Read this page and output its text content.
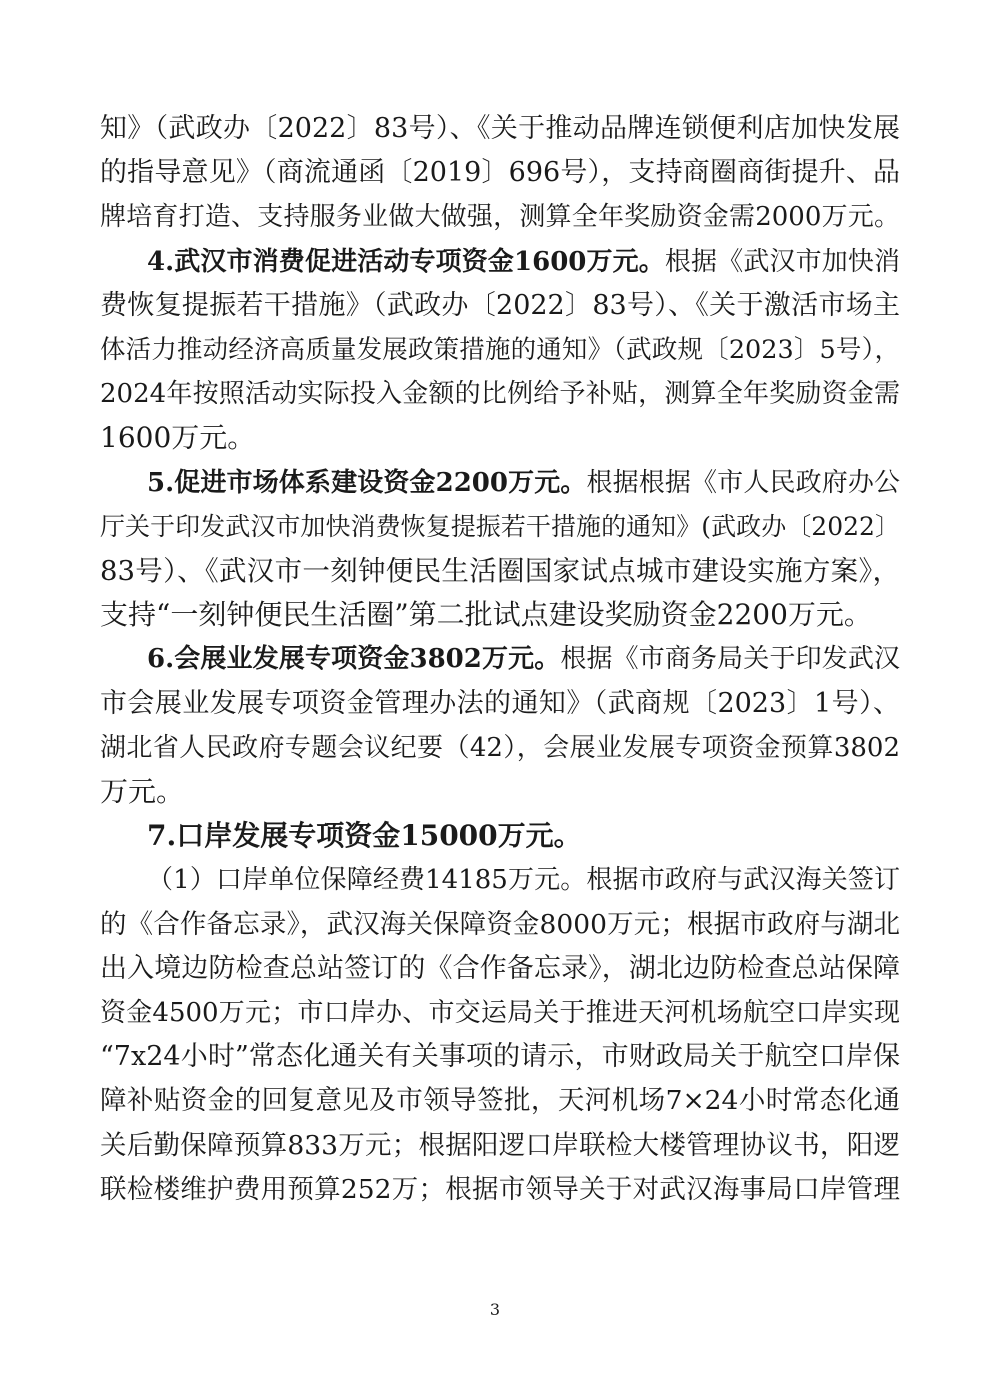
知》（武政办〔2022〕83号）、《关于推动品牌连锁便利店加快发展
的指导意见》（商流通函〔2019〕696号），支持商圈商街提升、品
牌培育打造、支持服务业做大做强，测算全年奖励资金需2000万元。
4.武汉市消费促进活动专项资金1600万元。根据《武汉市加快消
费恢复提振若干措施》（武政办〔2022〕83号）、《关于激活市场主
体活力推动经济高质量发展政策措施的通知》（武政规〔2023〕5号），
2024年按照活动实际投入金额的比例给予补贴，测算全年奖励资金需
1600万元。
5.促进市场体系建设资金2200万元。根据根据《市人民政府办公
厅关于印发武汉市加快消费恢复提振若干措施的通知》(武政办〔2022〕
83号）、《武汉市一刻钟便民生活圈国家试点城市建设实施方案》，
支持“一刻钟便民生活圈”第二批试点建设奖励资金2200万元。
6.会展业发展专项资金3802万元。根据《市商务局关于印发武汉
市会展业发展专项资金管理办法的通知》（武商规〔2023〕1号）、
湖北省人民政府专题会议纪要（42），会展业发展专项资金预算3802
万元。
7.口岸发展专项资金15000万元。
（1）口岸单位保障经费14185万元。根据市政府与武汉海关签订
的《合作备忘录》，武汉海关保障资金8000万元；根据市政府与湖北
出入境边防检查总站签订的《合作备忘录》，湖北边防检查总站保障
资金4500万元；市口岸办、市交运局关于推进天河机场航空口岸实现
“7x24小时”常态化通关有关事项的请示，市财政局关于航空口岸保
障补贴资金的回复意见及市领导签批，天河机场7×24小时常态化通
关后勤保障预算833万元；根据阳逻口岸联检大楼管理协议书，阳逻
联检楼维护费用预算252万；根据市领导关于对武汉海事局口岸管理
3
